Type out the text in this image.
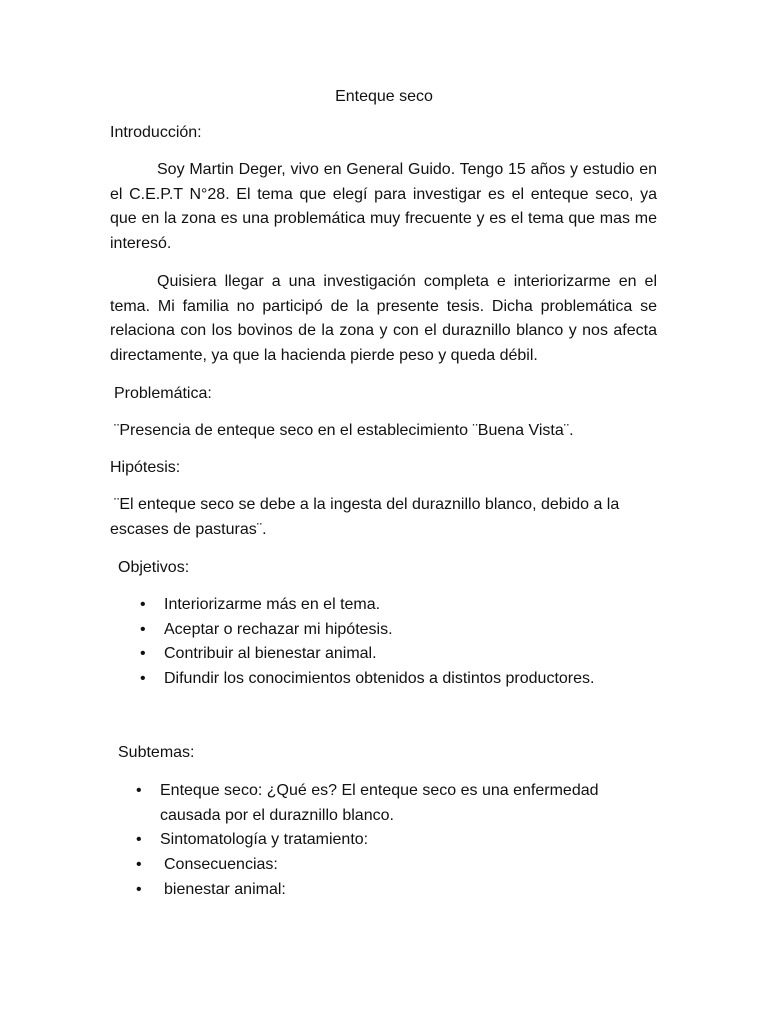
Enteque seco
Introducción:
Soy Martin Deger, vivo en General Guido. Tengo 15 años y estudio en el C.E.P.T N°28. El tema que elegí para investigar es el enteque seco, ya que en la zona es una problemática muy frecuente y es el tema que mas me interesó.
Quisiera llegar a una investigación completa e interiorizarme en el tema. Mi familia no participó de la presente tesis. Dicha problemática se relaciona con los bovinos de la zona y con el duraznillo blanco y nos afecta directamente, ya que la hacienda pierde peso y queda débil.
Problemática:
¨Presencia de enteque seco en el establecimiento ¨Buena Vista¨.
Hipótesis:
¨El enteque seco se debe a la ingesta del duraznillo blanco, debido a la
escases de pasturas¨.
Objetivos:
• Interiorizarme más en el tema.
• Aceptar o rechazar mi hipótesis.
• Contribuir al bienestar animal.
• Difundir los conocimientos obtenidos a distintos productores.
Subtemas:
• Enteque seco: ¿Qué es? El enteque seco es una enfermedad causada por el duraznillo blanco.
• Sintomatología y tratamiento:
• Consecuencias:
• bienestar animal:
